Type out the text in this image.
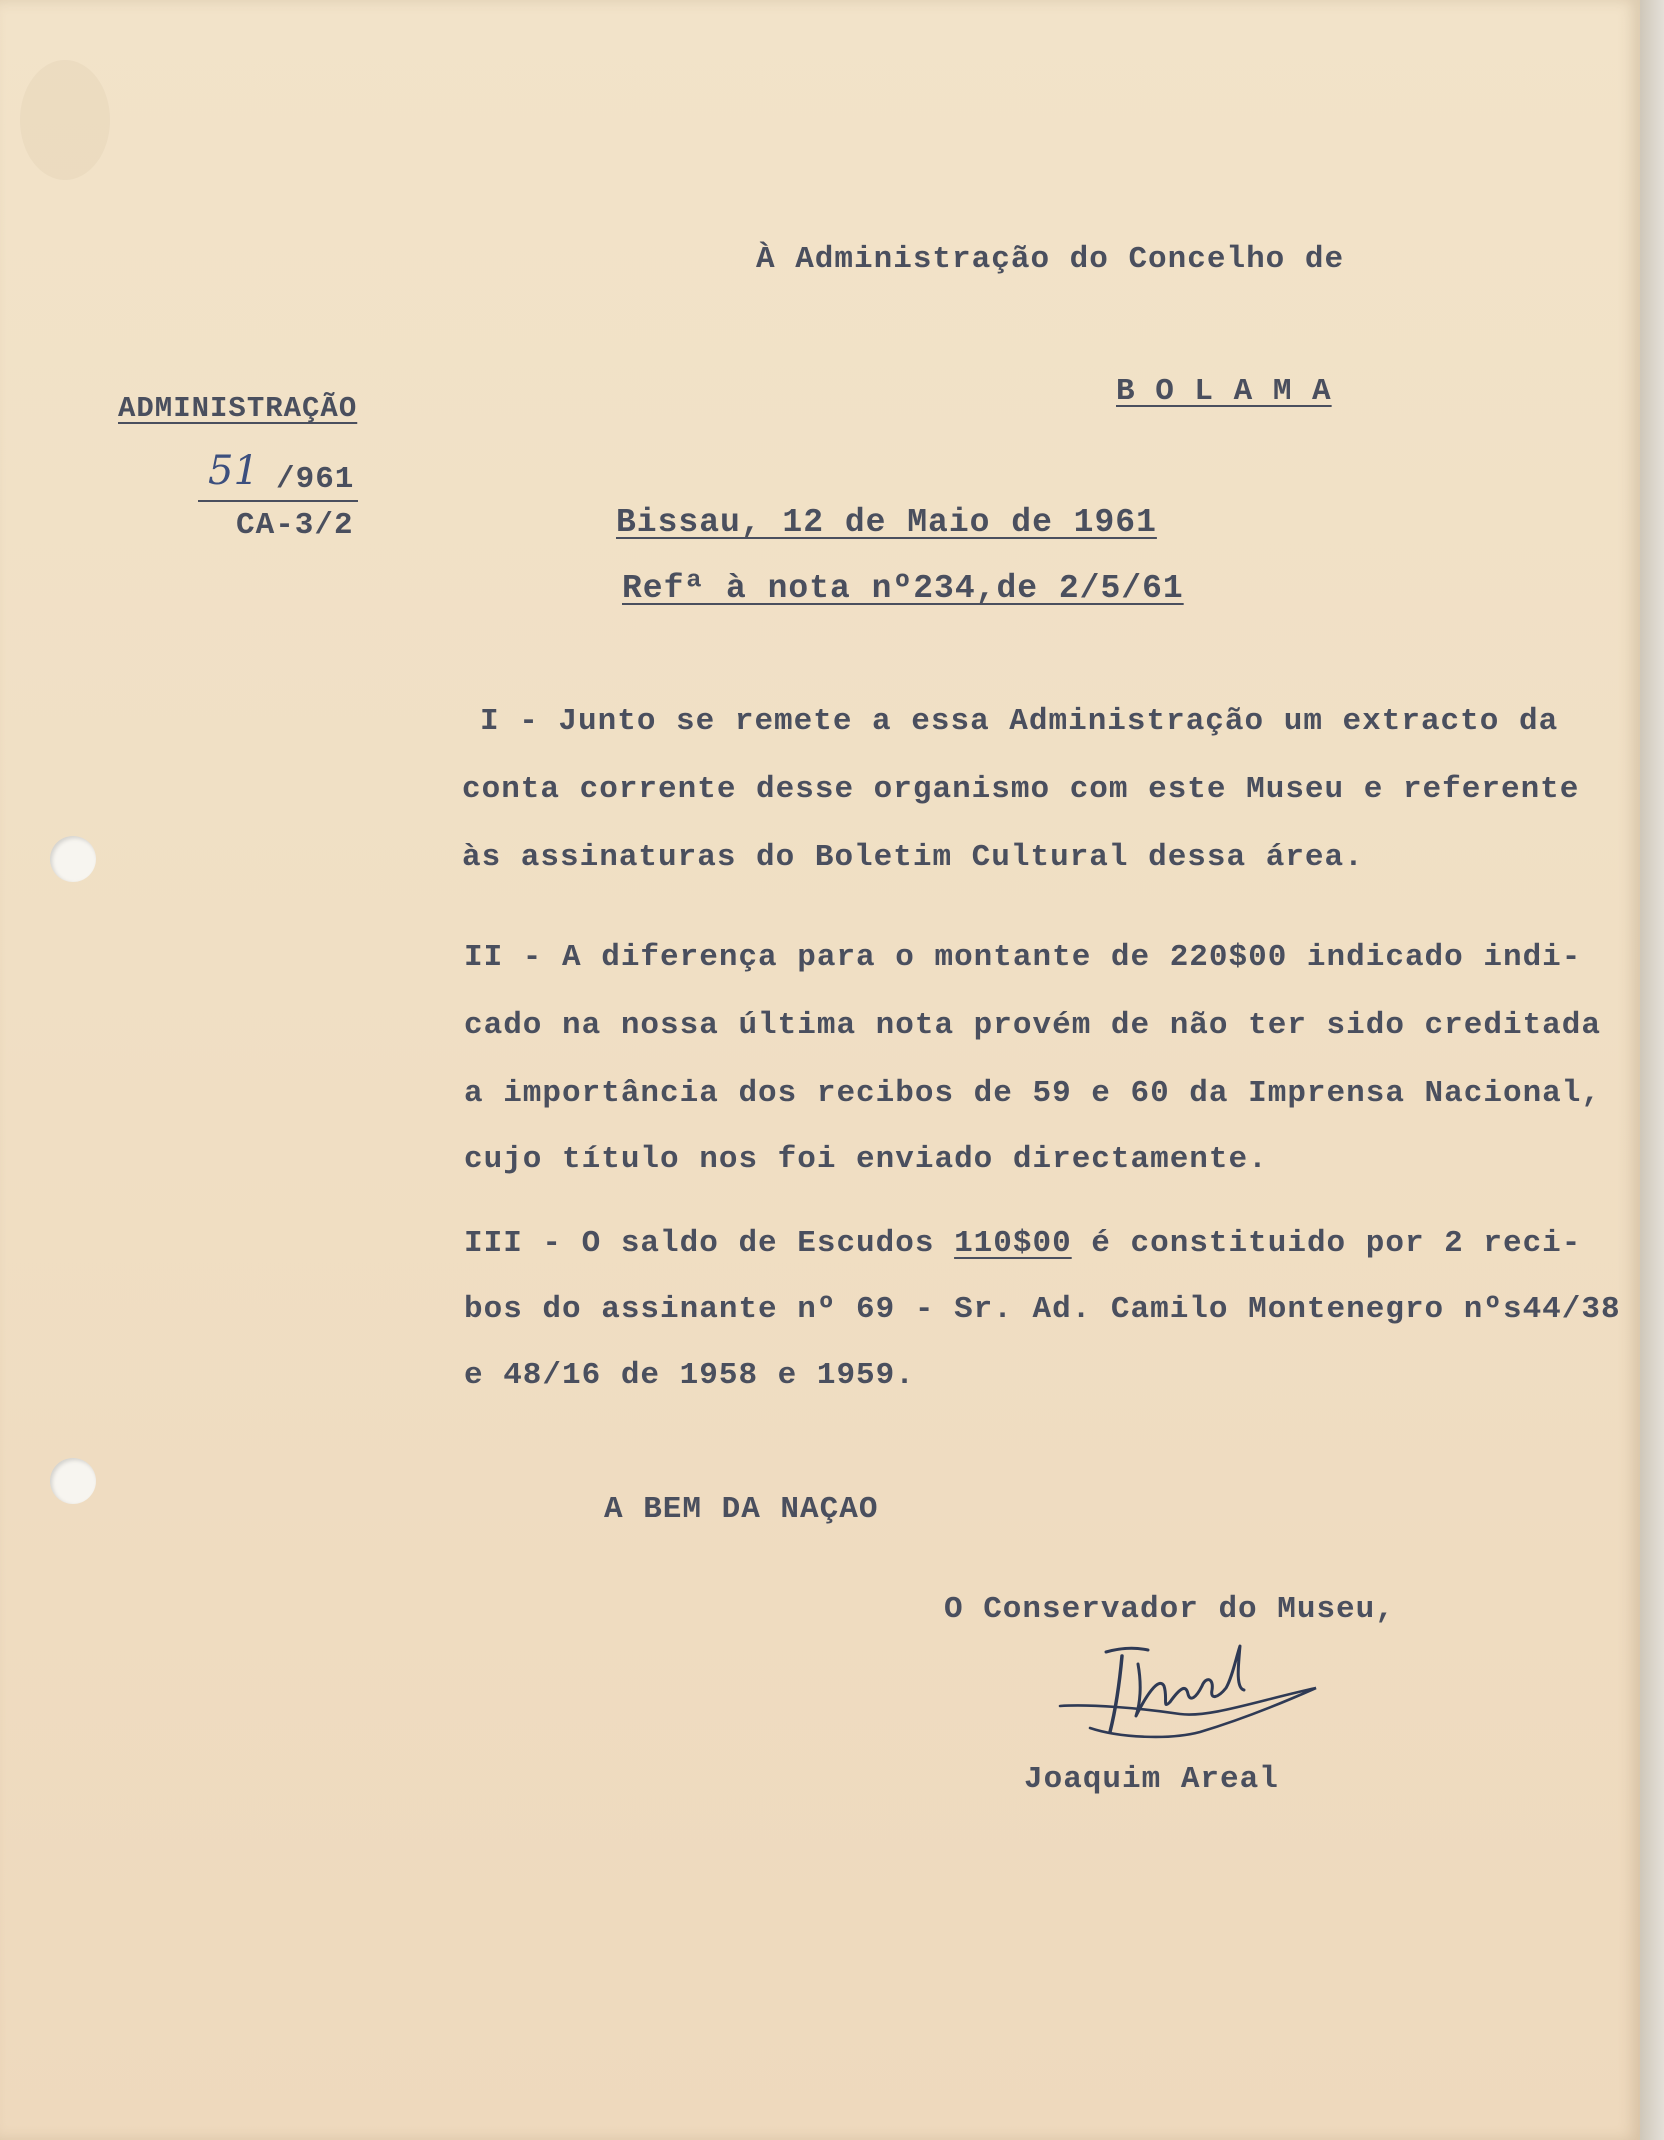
À Administração do Concelho de
B O L A M A
ADMINISTRAÇÃO
51 /961
CA-3/2	Bissau, 12 de Maio de 1961
Refª à nota nº234,de 2/5/61
I - Junto se remete a essa Administração um extracto da
conta corrente desse organismo com este Museu e referente
às assinaturas do Boletim Cultural dessa área.
II - A diferença para o montante de 220$00 indicado indi-
cado na nossa última nota provém de não ter sido creditada
a importância dos recibos de 59 e 60 da Imprensa Nacional,
cujo título nos foi enviado directamente.
III - O saldo de Escudos 110$00 é constituido por 2 reci-
bos do assinante nº 69 - Sr. Ad. Camilo Montenegro nºs44/38
e 48/16 de 1958 e 1959.
A BEM DA NAÇAO
O Conservador do Museu,
Joaquim Areal
